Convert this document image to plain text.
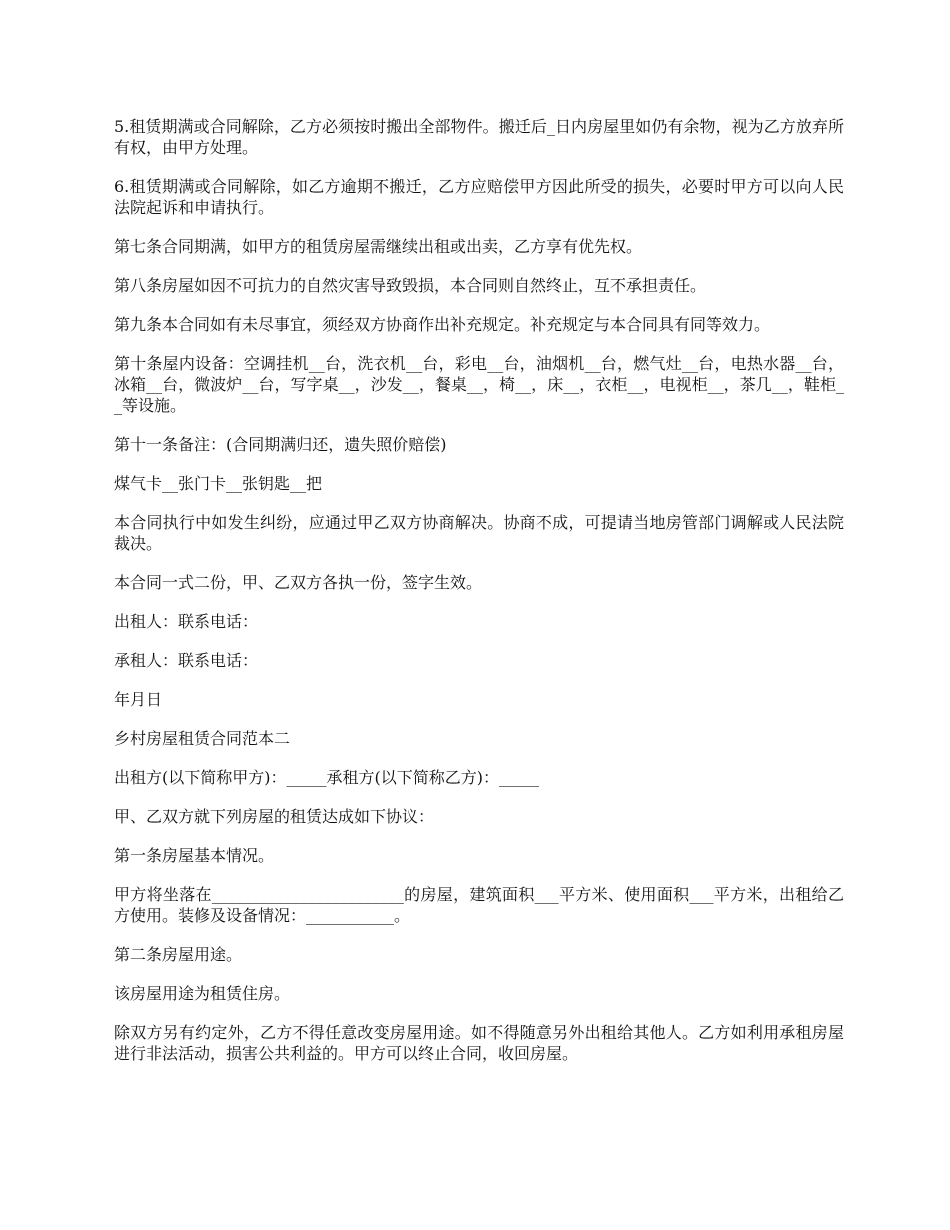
5.租赁期满或合同解除，乙方必须按时搬出全部物件。搬迁后_日内房屋里如仍有余物，视为乙方放弃所有权，由甲方处理。

6.租赁期满或合同解除，如乙方逾期不搬迁，乙方应赔偿甲方因此所受的损失，必要时甲方可以向人民法院起诉和申请执行。

第七条合同期满，如甲方的租赁房屋需继续出租或出卖，乙方享有优先权。

第八条房屋如因不可抗力的自然灾害导致毁损，本合同则自然终止，互不承担责任。

第九条本合同如有未尽事宜，须经双方协商作出补充规定。补充规定与本合同具有同等效力。

第十条屋内设备：空调挂机__台，洗衣机__台，彩电__台，油烟机__台，燃气灶__台，电热水器__台，冰箱__台，微波炉__台，写字桌__，沙发__，餐桌__，椅__，床__，衣柜__，电视柜__，茶几__，鞋柜__等设施。

第十一条备注：(合同期满归还，遗失照价赔偿)

煤气卡__张门卡__张钥匙__把

本合同执行中如发生纠纷，应通过甲乙双方协商解决。协商不成，可提请当地房管部门调解或人民法院裁决。

本合同一式二份，甲、乙双方各执一份，签字生效。

出租人：联系电话：

承租人：联系电话：

年月日

乡村房屋租赁合同范本二

出租方(以下简称甲方)：_____承租方(以下简称乙方)：_____

甲、乙双方就下列房屋的租赁达成如下协议：

第一条房屋基本情况。

甲方将坐落在________________________的房屋，建筑面积___平方米、使用面积___平方米，出租给乙方使用。装修及设备情况：___________。

第二条房屋用途。

该房屋用途为租赁住房。

除双方另有约定外，乙方不得任意改变房屋用途。如不得随意另外出租给其他人。乙方如利用承租房屋进行非法活动，损害公共利益的。甲方可以终止合同，收回房屋。
